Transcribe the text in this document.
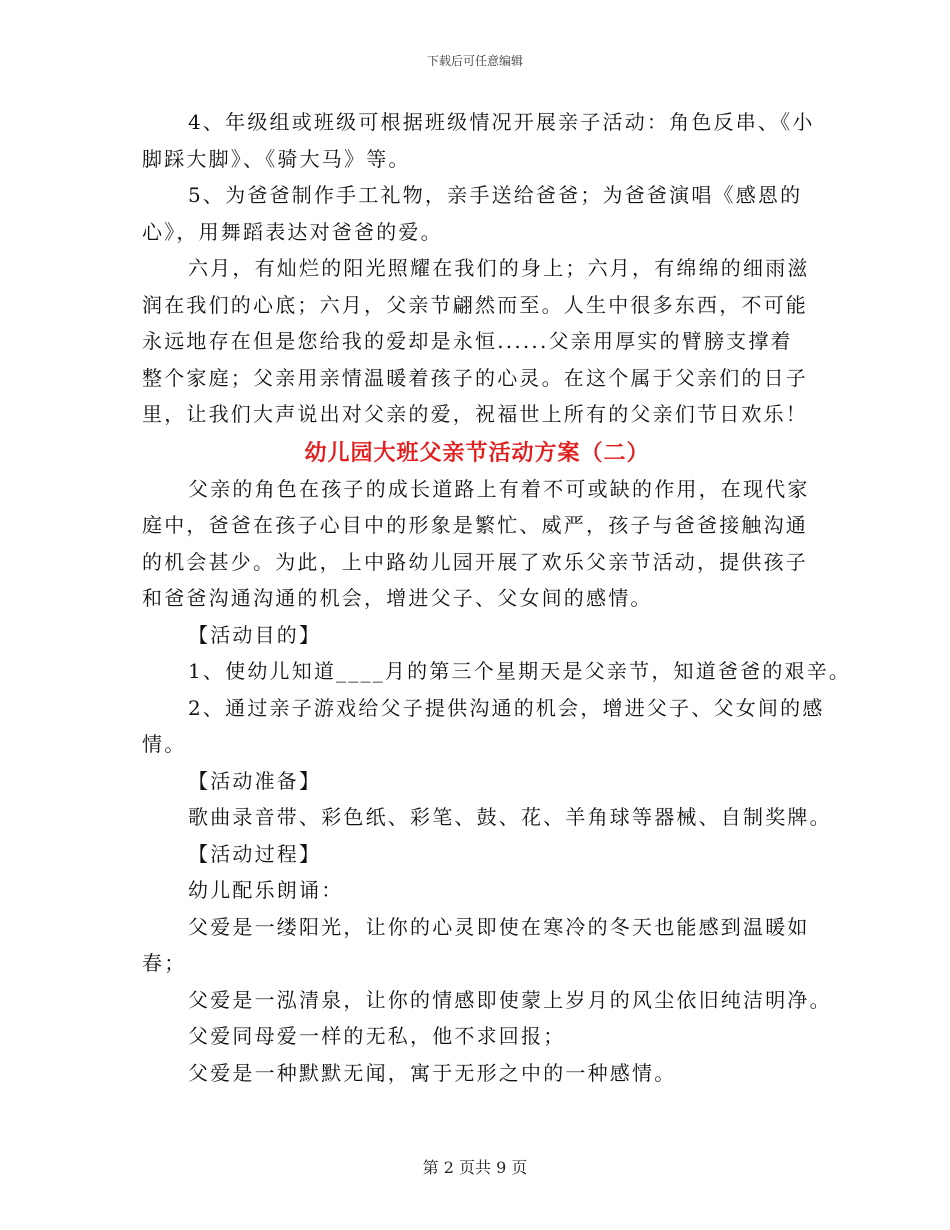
下载后可任意编辑

4、年级组或班级可根据班级情况开展亲子活动：角色反串、《小

脚踩大脚》、《骑大马》等。

5、为爸爸制作手工礼物，亲手送给爸爸；为爸爸演唱《感恩的

心》，用舞蹈表达对爸爸的爱。

六月，有灿烂的阳光照耀在我们的身上；六月，有绵绵的细雨滋

润在我们的心底；六月，父亲节翩然而至。人生中很多东西，不可能

永远地存在但是您给我的爱却是永恒......父亲用厚实的臂膀支撑着

整个家庭；父亲用亲情温暖着孩子的心灵。在这个属于父亲们的日子

里，让我们大声说出对父亲的爱，祝福世上所有的父亲们节日欢乐！

幼儿园大班父亲节活动方案（二）

父亲的角色在孩子的成长道路上有着不可或缺的作用，在现代家

庭中，爸爸在孩子心目中的形象是繁忙、威严，孩子与爸爸接触沟通

的机会甚少。为此，上中路幼儿园开展了欢乐父亲节活动，提供孩子

和爸爸沟通沟通的机会，增进父子、父女间的感情。

【活动目的】

1、使幼儿知道____月的第三个星期天是父亲节，知道爸爸的艰辛。

2、通过亲子游戏给父子提供沟通的机会，增进父子、父女间的感

情。

【活动准备】

歌曲录音带、彩色纸、彩笔、鼓、花、羊角球等器械、自制奖牌。

【活动过程】

幼儿配乐朗诵：

父爱是一缕阳光，让你的心灵即使在寒冷的冬天也能感到温暖如

春；

父爱是一泓清泉，让你的情感即使蒙上岁月的风尘依旧纯洁明净。

父爱同母爱一样的无私，他不求回报；

父爱是一种默默无闻，寓于无形之中的一种感情。

第 2 页共 9 页
